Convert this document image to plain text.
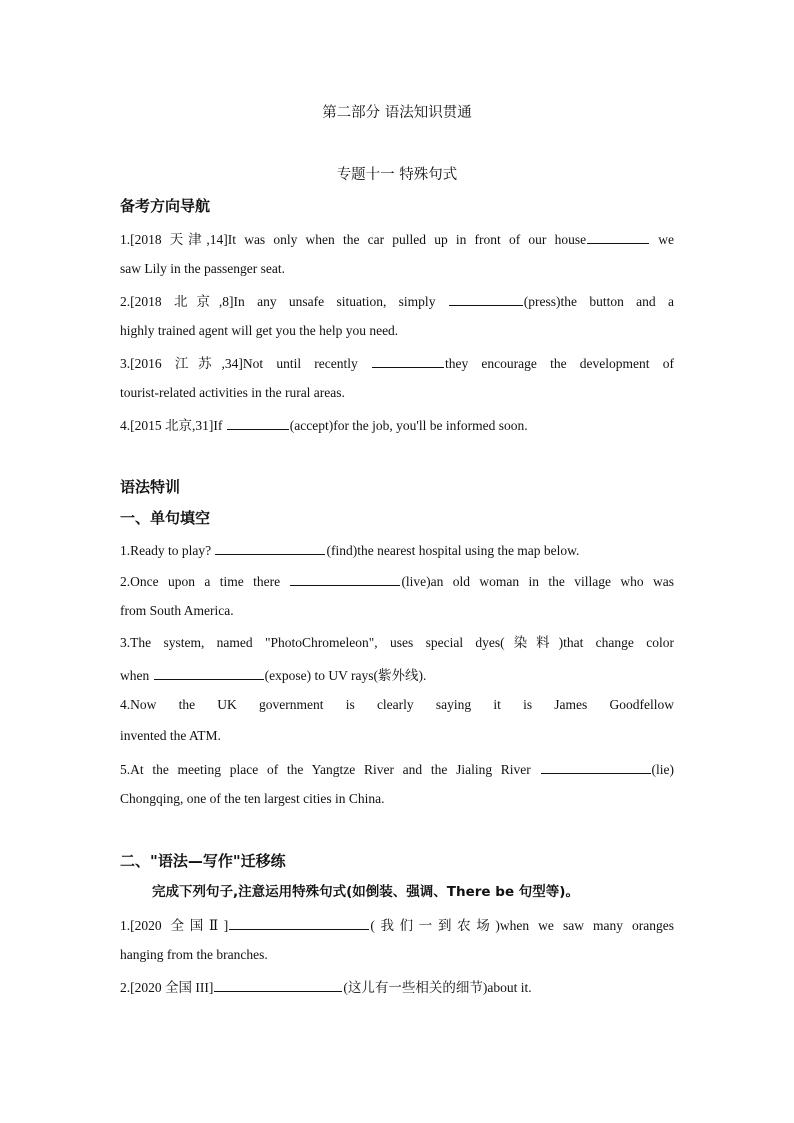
第二部分 语法知识贯通
专题十一 特殊句式
备考方向导航
1.[2018 天津,14]It was only when the car pulled up in front of our house	we
saw Lily in the passenger seat.
2.[2018 北京,8]In any unsafe situation, simply	(press)the button and a
highly trained agent will get you the help you need.
3.[2016 江苏,34]Not until recently	they encourage the development of
tourist-related activities in the rural areas.
4.[2015 北京,31]If	(accept)for the job, you'll be informed soon.
语法特训
一、单句填空
1.Ready to play?	(find)the nearest hospital using the map below.
2.Once upon a time there	(live)an old woman in the village who was
from South America.
3.The system, named "PhotoChromeleon", uses special dyes(染料)that change color
when	(expose) to UV rays(紫外线).
4.Now the UK government is clearly saying it is James Goodfellow
invented the ATM.
5.At the meeting place of the Yangtze River and the Jialing River	(lie)
Chongqing, one of the ten largest cities in China.
二、"语法—写作"迁移练
完成下列句子,注意运用特殊句式(如倒装、强调、There be 句型等)。
1.[2020 全国Ⅱ]	(我们一到农场)when we saw many oranges
hanging from the branches.
2.[2020 全国 III]	(这儿有一些相关的细节)about it.
